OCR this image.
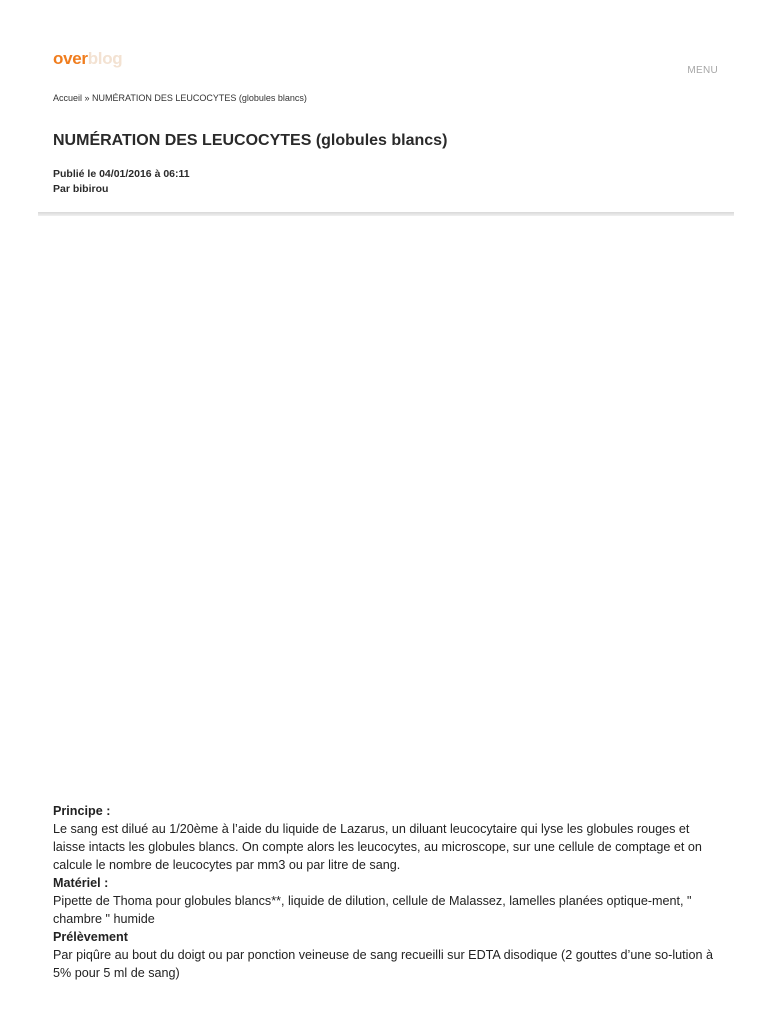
overblog
MENU
Accueil » NUMÉRATION DES LEUCOCYTES (globules blancs)
NUMÉRATION DES LEUCOCYTES (globules blancs)
Publié le 04/01/2016 à 06:11
Par bibirou
Principe :

Le sang est dilué au 1/20ème à l’aide du liquide de Lazarus, un diluant leucocytaire qui lyse les globules rouges et laisse intacts les globules blancs. On compte alors les leucocytes, au microscope, sur une cellule de comptage et on calcule le nombre de leucocytes par mm3 ou par litre de sang.

Matériel :

Pipette de Thoma pour globules blancs**, liquide de dilution, cellule de Malassez, lamelles planées optique-ment, " chambre " humide

Prélèvement

Par piqûre au bout du doigt ou par ponction veineuse de sang recueilli sur EDTA disodique (2 gouttes d’une so-lution à 5% pour 5 ml de sang)
